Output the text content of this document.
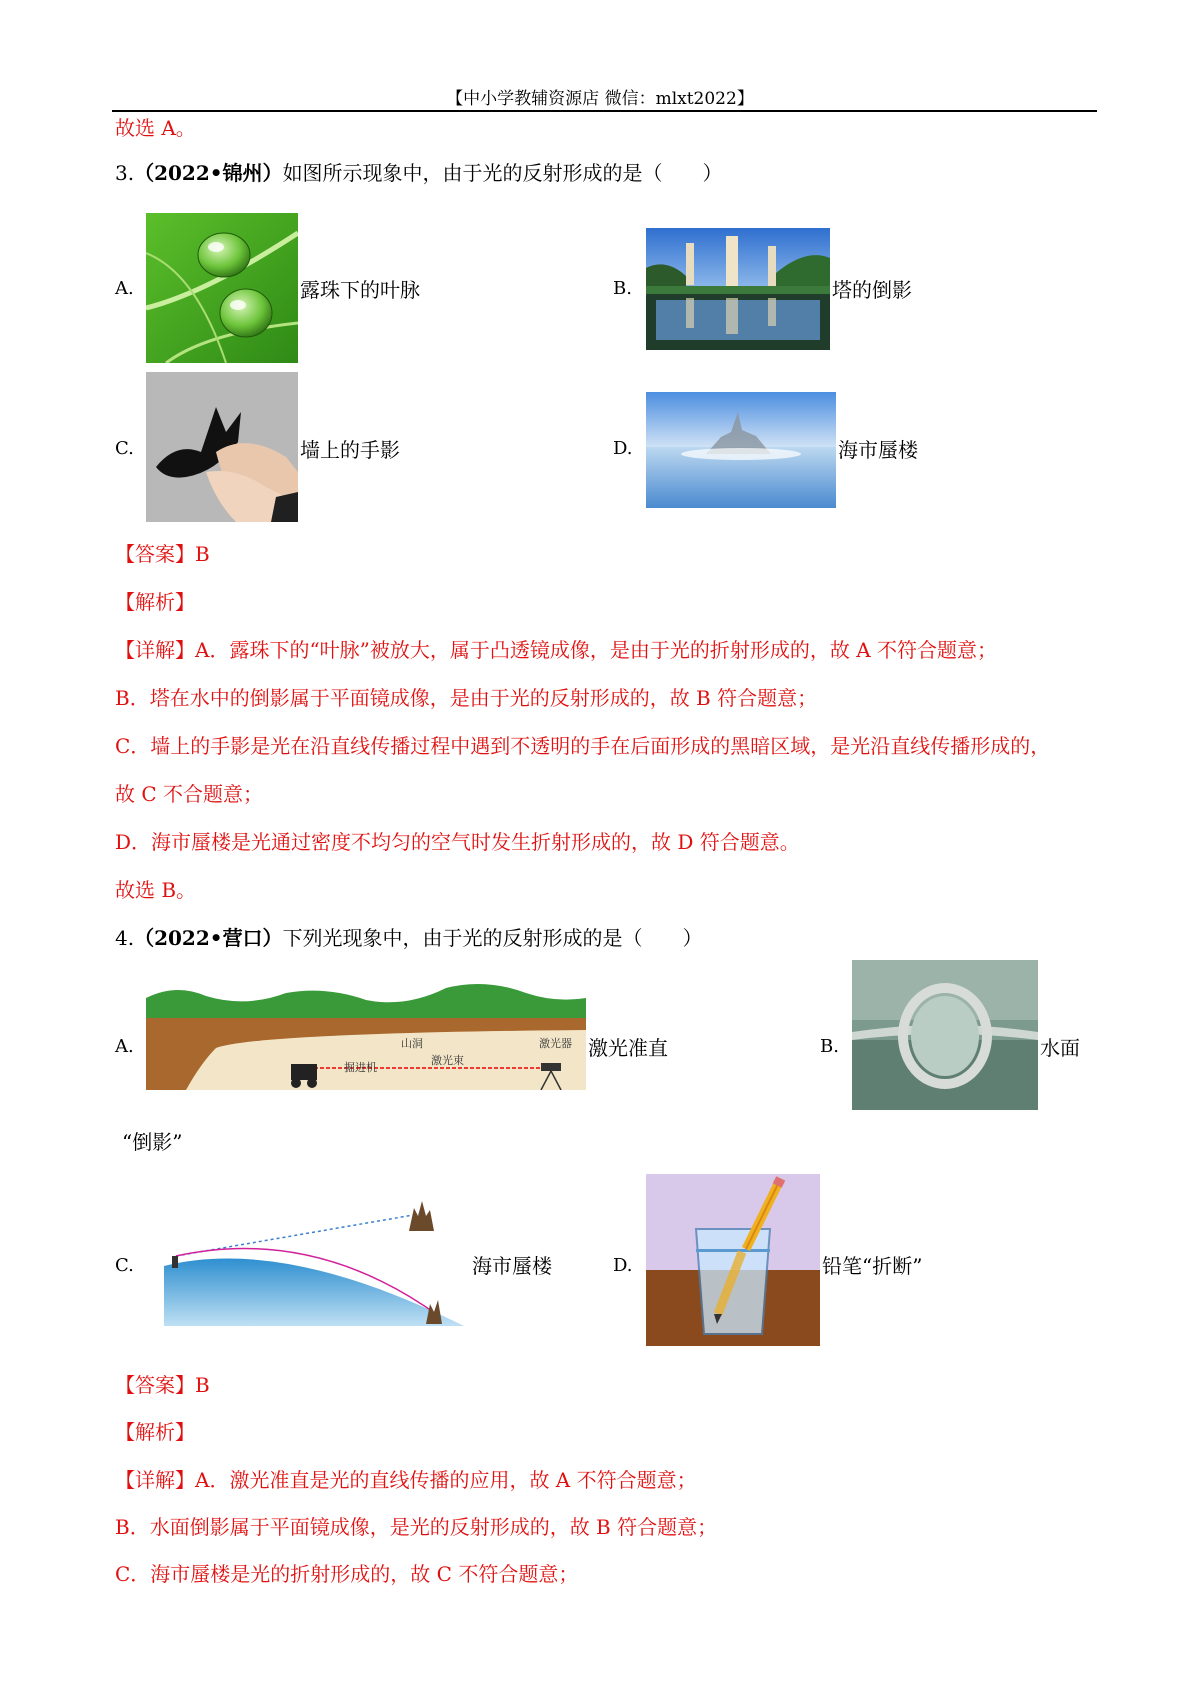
【中小学教辅资源店 微信：mlxt2022】
故选 A。
3.（2022•锦州）如图所示现象中，由于光的反射形成的是（　　）
A.	露珠下的叶脉	B.	塔的倒影
C.	墙上的手影	D.	海市蜃楼
【答案】B
【解析】
【详解】A．露珠下的“叶脉”被放大，属于凸透镜成像，是由于光的折射形成的，故 A 不符合题意；
B．塔在水中的倒影属于平面镜成像，是由于光的反射形成的，故 B 符合题意；
C．墙上的手影是光在沿直线传播过程中遇到不透明的手在后面形成的黑暗区域，是光沿直线传播形成的，
故 C 不合题意；
D．海市蜃楼是光通过密度不均匀的空气时发生折射形成的，故 D 符合题意。
故选 B。
4.（2022•营口）下列光现象中，由于光的反射形成的是（　　）
A.	山洞	激光器
激光束
掘进机
激光准直	B.	水面
“倒影”
C.	海市蜃楼	D.	铅笔“折断”
【答案】B
【解析】
【详解】A．激光准直是光的直线传播的应用，故 A 不符合题意；
B．水面倒影属于平面镜成像，是光的反射形成的，故 B 符合题意；
C．海市蜃楼是光的折射形成的，故 C 不符合题意；
